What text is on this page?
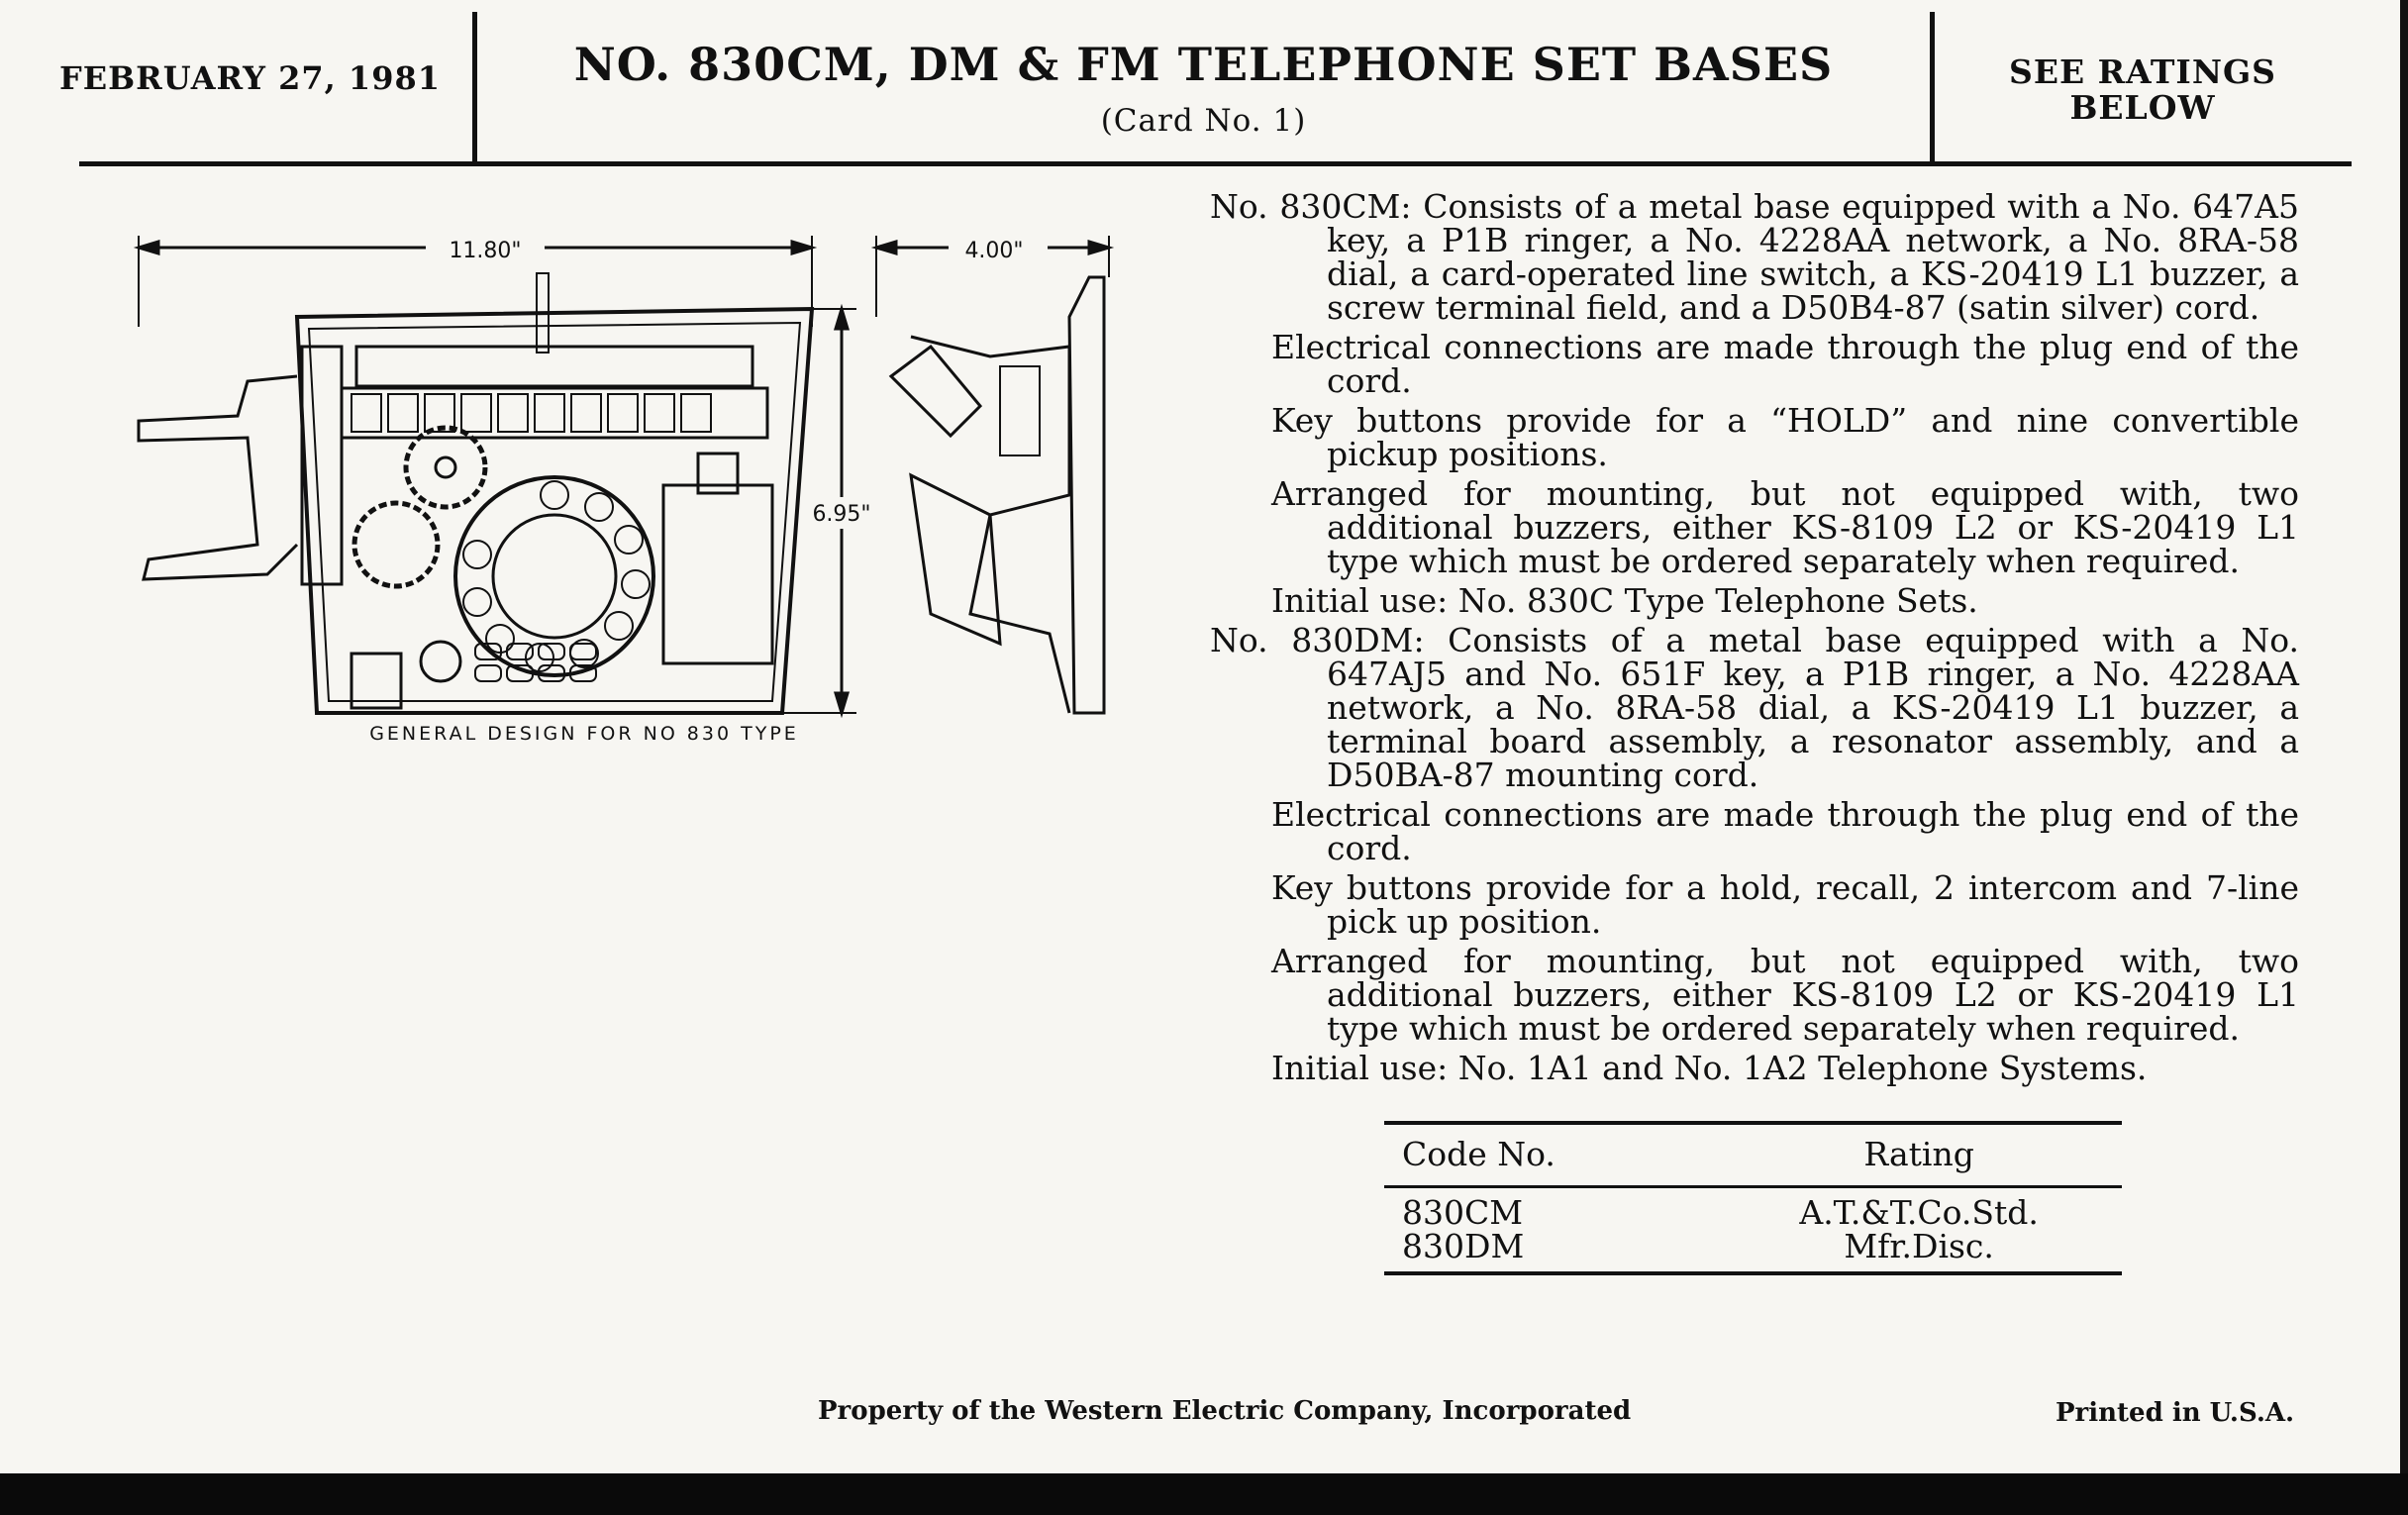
FEBRUARY 27, 1981	NO. 830CM, DM & FM TELEPHONE SET BASES
(Card No. 1)
SEE RATINGS
BELOW
11.80"	4.00"
6.95"
GENERAL DESIGN FOR NO 830 TYPE

No. 830CM: Consists of a metal base equipped with a No. 647A5 key, a P1B ringer, a No. 4228AA network, a No. 8RA-58 dial, a card-operated line switch, a KS-20419 L1 buzzer, a screw terminal field, and a D50B4-87 (satin silver) cord.

Electrical connections are made through the plug end of the cord.

Key buttons provide for a “HOLD” and nine convertible pickup positions.

Arranged for mounting, but not equipped with, two additional buzzers, either KS-8109 L2 or KS-20419 L1 type which must be ordered separately when required.

Initial use: No. 830C Type Telephone Sets.

No. 830DM: Consists of a metal base equipped with a No. 647AJ5 and No. 651F key, a P1B ringer, a No. 4228AA network, a No. 8RA-58 dial, a KS-20419 L1 buzzer, a terminal board assembly, a resonator assembly, and a D50BA-87 mounting cord.

Electrical connections are made through the plug end of the cord.

Key buttons provide for a hold, recall, 2 intercom and 7-line pick up position.

Arranged for mounting, but not equipped with, two additional buzzers, either KS-8109 L2 or KS-20419 L1 type which must be ordered separately when required.

Initial use: No. 1A1 and No. 1A2 Telephone Systems.

Code No.	Rating
830CM	A.T.&T.Co.Std.
830DM	Mfr.Disc.
Property of the Western Electric Company, Incorporated	Printed in U.S.A.
